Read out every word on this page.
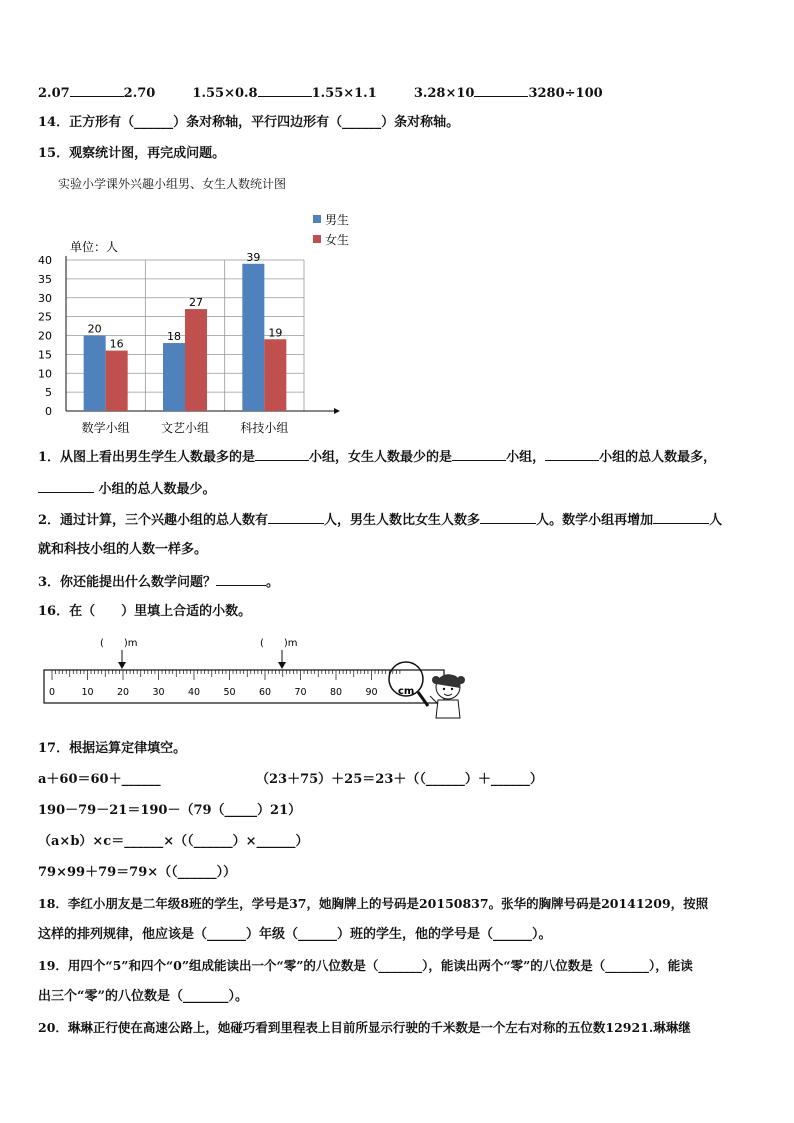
2.07	2.70	1.55×0.8	1.55×1.1	3.28×10	3280÷100
14．正方形有（______）条对称轴，平行四边形有（______）条对称轴。
15．观察统计图，再完成问题。
实验小学课外兴趣小组男、女生人数统计图
0
5
10
15
20
25
30
35
40
单位：人
20
16
数学小组
18
27
文艺小组
39
19
科技小组
男生
女生
1．从图上看出男生学生人数最多的是	小组，女生人数最少的是	小组，	小组的总人数最多，
小组的总人数最少。
2．通过计算，三个兴趣小组的总人数有	人，男生人数比女生人数多	人。数学小组再增加	人
就和科技小组的人数一样多。
3．你还能提出什么数学问题？	。
16．在（　　）里填上合适的小数。
(　　)m	(　　)m
0	10 20 30 40 50 60 70 80 90 cm
17．根据运算定律填空。
a＋60＝60＋______	（23＋75）＋25＝23＋（（______）＋______）
190－79－21＝190－（79（_____）21）
（a×b）×c＝______×（（______）×______）
79×99＋79＝79×（（______））
18．李红小朋友是二年级8班的学生，学号是37，她胸牌上的号码是20150837。张华的胸牌号码是20141209，按照
这样的排列规律，他应该是（______）年级（______）班的学生，他的学号是（______）。
19．用四个“5”和四个“0”组成能读出一个“零”的八位数是（_______），能读出两个“零”的八位数是（_______），能读
出三个“零”的八位数是（_______）。
20．琳琳正行使在高速公路上，她碰巧看到里程表上目前所显示行驶的千米数是一个左右对称的五位数12921.琳琳继
